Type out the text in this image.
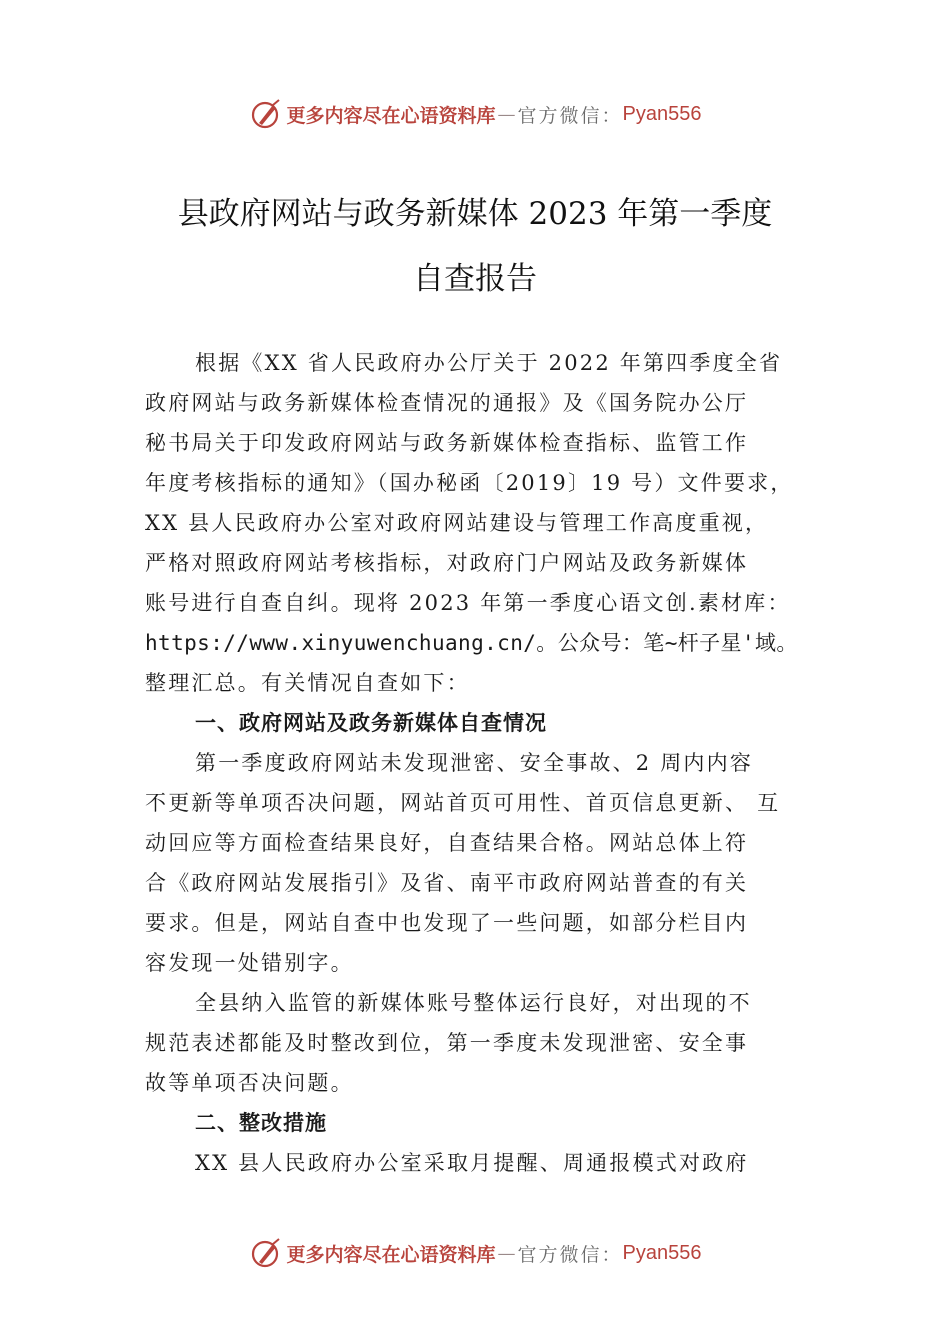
更多内容尽在心语资料库 — 官方微信： Pyan556
县政府网站与政务新媒体 2023 年第一季度
自查报告
根据《XX 省人民政府办公厅关于 2022 年第四季度全省
政府网站与政务新媒体检查情况的通报》及《国务院办公厅
秘书局关于印发政府网站与政务新媒体检查指标、监管工作
年度考核指标的通知》（国办秘函〔2019〕19 号）文件要求，
XX 县人民政府办公室对政府网站建设与管理工作高度重视，
严格对照政府网站考核指标，对政府门户网站及政务新媒体
账号进行自查自纠。现将 2023 年第一季度心语文创.素材库：
https://www.xinyuwenchuang.cn/。公众号：笔~杆子星'域。
整理汇总。有关情况自查如下：
一、政府网站及政务新媒体自查情况
第一季度政府网站未发现泄密、安全事故、2 周内内容
不更新等单项否决问题，网站首页可用性、首页信息更新、 互
动回应等方面检查结果良好，自查结果合格。网站总体上符
合《政府网站发展指引》及省、南平市政府网站普查的有关
要求。但是，网站自查中也发现了一些问题，如部分栏目内
容发现一处错别字。
全县纳入监管的新媒体账号整体运行良好，对出现的不
规范表述都能及时整改到位，第一季度未发现泄密、安全事
故等单项否决问题。
二、整改措施
XX 县人民政府办公室采取月提醒、周通报模式对政府
更多内容尽在心语资料库 — 官方微信： Pyan556
